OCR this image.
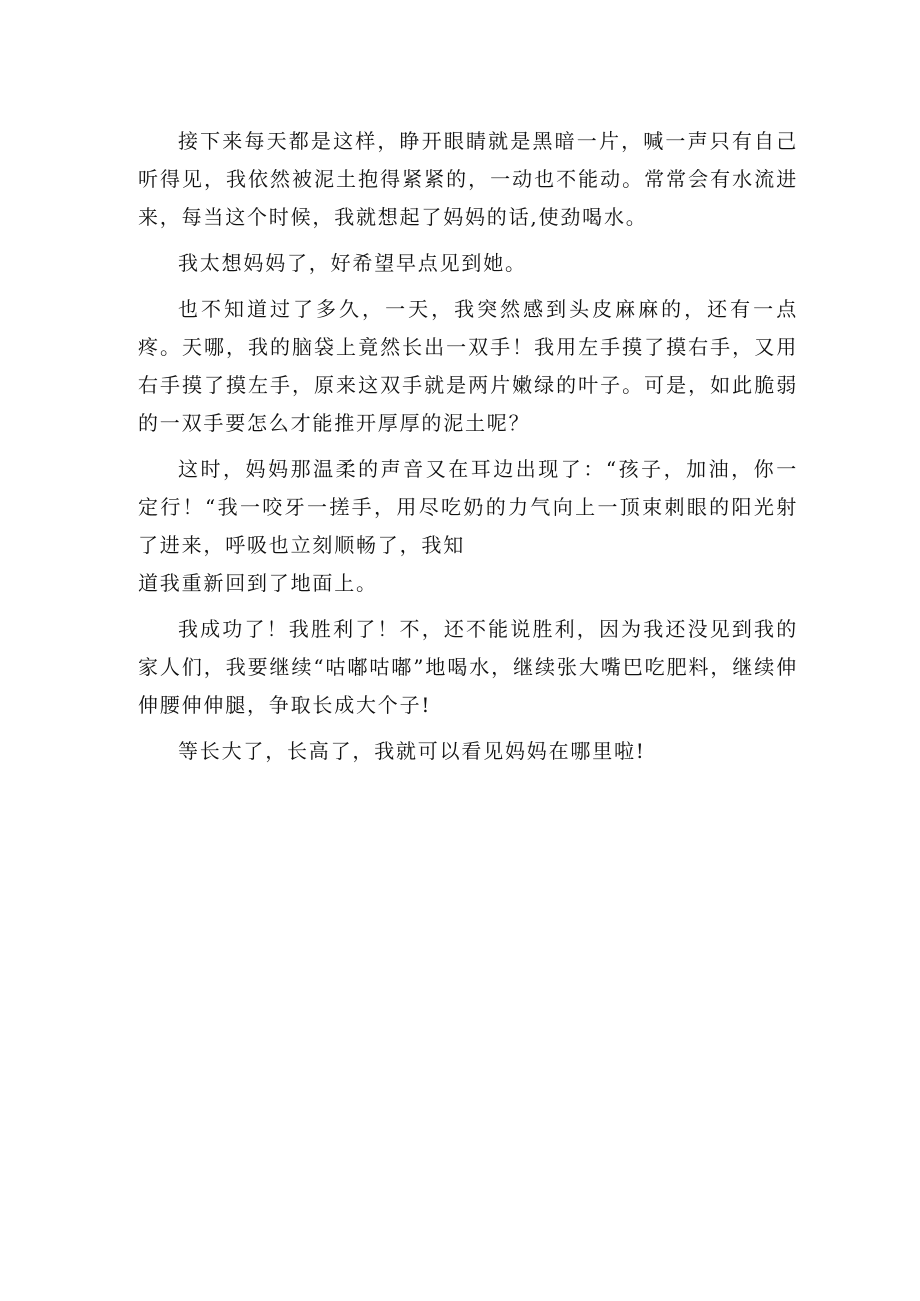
接下来每天都是这样，睁开眼睛就是黑暗一片，喊一声只有自己听得见，我依然被泥土抱得紧紧的，一动也不能动。常常会有水流进来，每当这个时候，我就想起了妈妈的话,使劲喝水。

我太想妈妈了，好希望早点见到她。

也不知道过了多久，一天，我突然感到头皮麻麻的，还有一点疼。天哪，我的脑袋上竟然长出一双手！我用左手摸了摸右手，又用右手摸了摸左手，原来这双手就是两片嫩绿的叶子。可是，如此脆弱的一双手要怎么才能推开厚厚的泥土呢？

这时，妈妈那温柔的声音又在耳边出现了：“孩子，加油，你一定行！“我一咬牙一搓手，用尽吃奶的力气向上一顶束刺眼的阳光射了进来，呼吸也立刻顺畅了，我知

道我重新回到了地面上。

我成功了！我胜利了！不，还不能说胜利，因为我还没见到我的家人们，我要继续“咕嘟咕嘟”地喝水，继续张大嘴巴吃肥料，继续伸伸腰伸伸腿，争取长成大个子!

等长大了，长高了，我就可以看见妈妈在哪里啦!
